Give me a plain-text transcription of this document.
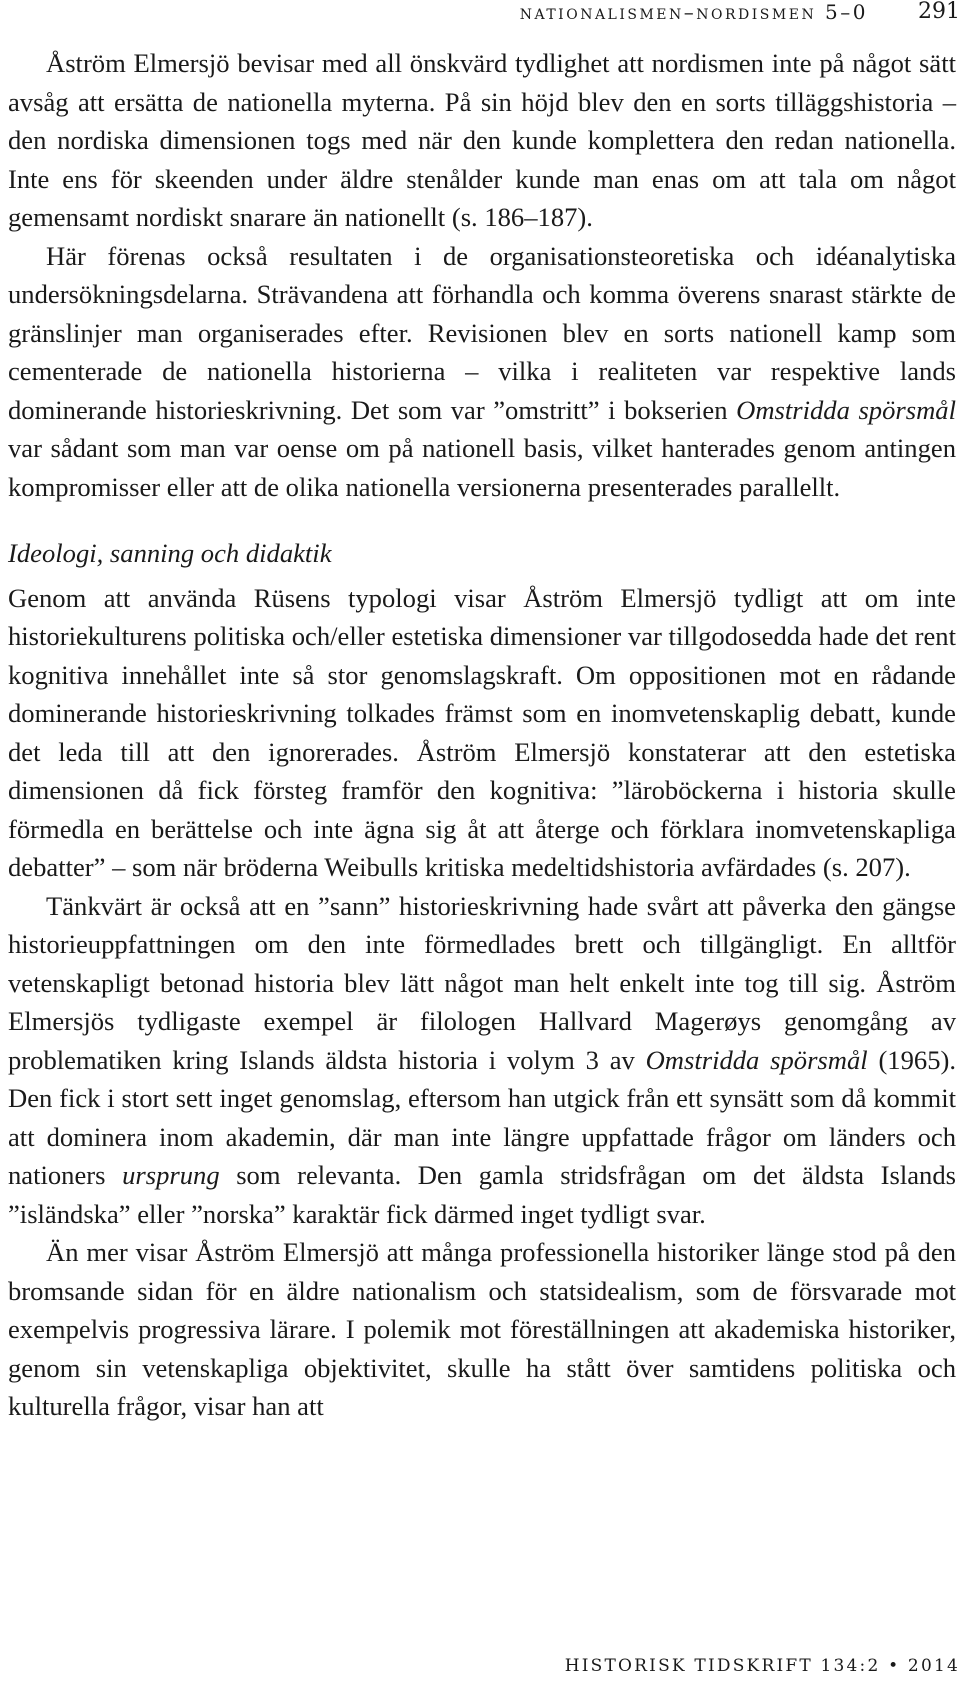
nationalismen–nordismen 5–0 291

Åström Elmersjö bevisar med all önskvärd tydlighet att nordismen inte på något sätt avsåg att ersätta de nationella myterna. På sin höjd blev den en sorts tilläggshistoria – den nordiska dimensionen togs med när den kunde komplettera den redan nationella. Inte ens för skeenden under äldre stenålder kunde man enas om att tala om något gemensamt nordiskt snarare än nationellt (s. 186–187).

Här förenas också resultaten i de organisationsteoretiska och idéanalytiska undersökningsdelarna. Strävandena att förhandla och komma överens snarast stärkte de gränslinjer man organiserades efter. Revisionen blev en sorts nationell kamp som cementerade de nationella historierna – vilka i realiteten var respektive lands dominerande historieskrivning. Det som var ”omstritt” i bokserien Omstridda spörsmål var sådant som man var oense om på nationell basis, vilket hanterades genom antingen kompromisser eller att de olika nationella versionerna presenterades parallellt.

Ideologi, sanning och didaktik

Genom att använda Rüsens typologi visar Åström Elmersjö tydligt att om inte historiekulturens politiska och/eller estetiska dimensioner var tillgodosedda hade det rent kognitiva innehållet inte så stor genomslagskraft. Om oppositionen mot en rådande dominerande historieskrivning tolkades främst som en inomvetenskaplig debatt, kunde det leda till att den ignorerades. Åström Elmersjö konstaterar att den estetiska dimensionen då fick försteg framför den kognitiva: ”läroböckerna i historia skulle förmedla en berättelse och inte ägna sig åt att återge och förklara inomvetenskapliga debatter” – som när bröderna Weibulls kritiska medeltidshistoria avfärdades (s. 207).

Tänkvärt är också att en ”sann” historieskrivning hade svårt att påverka den gängse historieuppfattningen om den inte förmedlades brett och tillgängligt. En alltför vetenskapligt betonad historia blev lätt något man helt enkelt inte tog till sig. Åström Elmersjös tydligaste exempel är filologen Hallvard Magerøys genomgång av problematiken kring Islands äldsta historia i volym 3 av Omstridda spörsmål (1965). Den fick i stort sett inget genomslag, eftersom han utgick från ett synsätt som då kommit att dominera inom akademin, där man inte längre uppfattade frågor om länders och nationers ursprung som relevanta. Den gamla stridsfrågan om det äldsta Islands ”isländska” eller ”norska” karaktär fick därmed inget tydligt svar.

Än mer visar Åström Elmersjö att många professionella historiker länge stod på den bromsande sidan för en äldre nationalism och statsidealism, som de försvarade mot exempelvis progressiva lärare. I polemik mot föreställningen att akademiska historiker, genom sin vetenskapliga objektivitet, skulle ha stått över samtidens politiska och kulturella frågor, visar han att

HISTORISK TIDSKRIFT 134:2 • 2014
